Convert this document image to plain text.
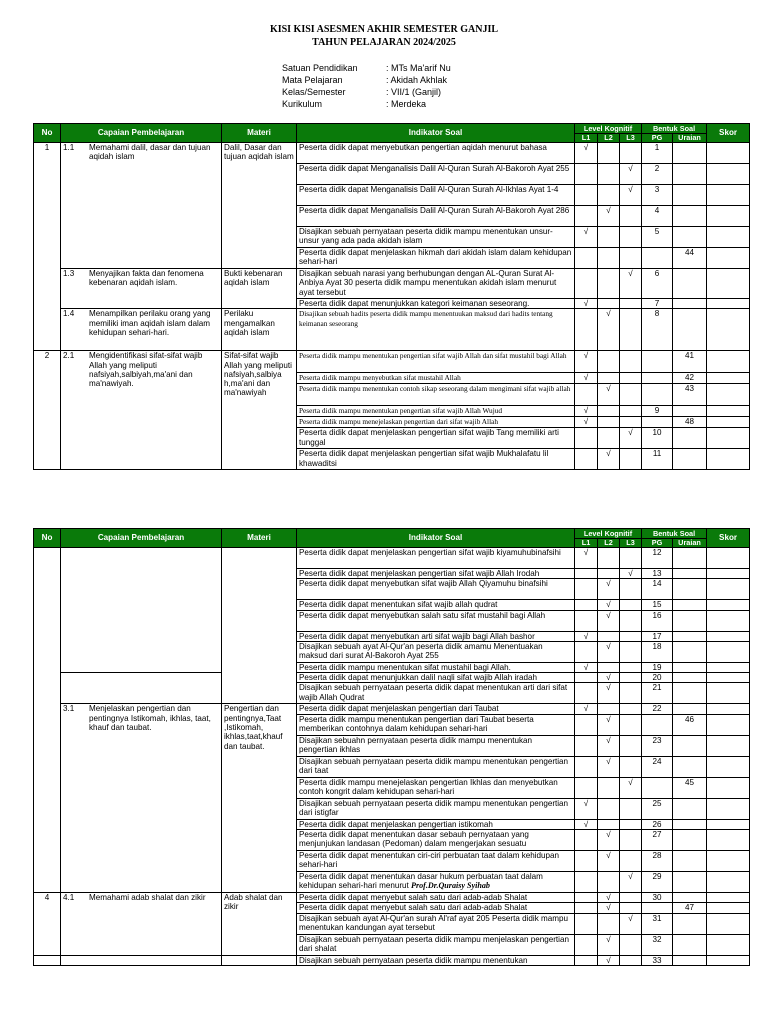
KISI KISI ASESMEN AKHIR SEMESTER GANJIL
TAHUN PELAJARAN 2024/2025
Satuan Pendidikan	: MTs Ma'arif Nu
Mata Pelajaran	: Akidah Akhlak
Kelas/Semester	: VII/1 (Ganjil)
Kurikulum	: Merdeka
No	Capaian Pembelajaran	Materi	Indikator Soal	Level Kognitif			Bentuk Soal		Skor
				L1	L2	L3	PG	Uraian	
1	1.1 Memahami dalil, dasar dan tujuan aqidah islam	Dalil, Dasar dan tujuan aqidah islam	Peserta didik dapat menyebutkan pengertian aqidah menurut bahasa	√			1		
			Peserta didik dapat Menganalisis Dalil Al-Quran Surah Al-Bakoroh Ayat 255			√	2		
			Peserta didik dapat Menganalisis Dalil Al-Quran Surah Al-Ikhlas Ayat 1-4			√	3		
			Peserta didik dapat Menganalisis Dalil Al-Quran Surah Al-Bakoroh Ayat 286		√		4		
			Disajikan sebuah pernyataan peserta didik mampu menentukan unsur-unsur yang ada pada akidah islam	√			5		
			Peserta didik dapat menjelaskan hikmah dari akidah islam dalam kehidupan sehari-hari					44	

	1.3 Menyajikan fakta dan fenomena kebenaran aqidah islam.	Bukti kebenaran aqidah islam	Disajikan sebuah narasi yang berhubungan dengan AL-Quran Surat Al-Anbiya Ayat 30 peserta didik mampu menentukan akidah islam menurut ayat tersebut			√	6		
			Peserta didik dapat menunjukkan kategori keimanan seseorang.	√			7		

	1.4 Menampilkan perilaku orang yang memiliki iman aqidah islam dalam kehidupan sehari-hari.	Perilaku mengamalkan aqidah islam	Disajikan sebuah hadits peserta didik mampu menentuukan maksud dari hadits tentang keimanan seseorang		√		8		
2	2.1 Mengidentifikasi sifat-sifat wajib Allah yang meliputi nafsiyah,salbiyah,ma'ani dan ma'nawiyah.	Sifat-sifat wajib Allah yang meliputi nafsiyah,salbiya h,ma'ani dan ma'nawiyah	Peserta didik mampu menentukan pengertian sifat wajib Allah dan sifat mustahil bagi Allah	√				41	
			Peserta didik mampu menyebutkan sifat mustahil Allah	√				42	
			Peserta didik mampu menentukan contoh sikap seseorang dalam mengimani sifat wajib allah		√			43	
			Peserta didik mampu menentukan pengertian sifat wajib Allah Wujud	√			9		
			Peserta didik mampu menejelaskan pengertian dari sifat wajib Allah	√				48	
			Peserta didik dapat menjelaskan pengertian sifat wajib Tang memiliki arti tunggal			√	10		
			Peserta didik dapat menjelaskan pengertian sifat wajib Mukhalafatu lil khawaditsi		√		11		
No	Capaian Pembelajaran	Materi	Indikator Soal	Level Kognitif			Bentuk Soal		Skor
				L1	L2	L3	PG	Uraian	
			Peserta didik dapat menjelaskan pengertian sifat wajib kiyamuhubinafsihi	√			12		
			Peserta didik dapat menjelaskan pengertian sifat wajib Allah Irodah			√	13		
			Peserta didik dapat menyebutkan sifat wajib Allah Qiyamuhu binafsihi		√		14		
			Peserta didik dapat menentukan sifat wajib allah qudrat		√		15		
			Peserta didik dapat menyebutkan salah satu sifat mustahil bagi Allah		√		16		
			Peserta didik dapat menyebutkan arti sifat wajib bagi Allah bashor	√			17		
			Disajikan sebuah ayat Al-Qur'an peserta didik amamu Menentuakan maksud dari surat Al-Bakoroh Ayat 255		√		18		
			Peserta didik mampu menentukan sifat mustahil bagi Allah.	√			19		
			Peserta didik dapat menunjukkan dalil naqli sifat wajib Allah iradah		√		20		
			Disajikan sebuah pernyataan peserta didik dapat menentukan arti dari sifat wajib Allah Qudrat		√		21		

	3.1 Menjelaskan pengertian dan pentingnya Istikomah, ikhlas, taat, khauf dan taubat.	Pengertian dan pentingnya,Taat ,Istikomah, ikhlas,taat,khauf dan taubat.	Peserta didik dapat menjelaskan pengertian dari Taubat	√			22		
			Peserta didik mampu menentukan pengertian dari Taubat beserta memberikan contohnya dalam kehidupan sehari-hari		√			46	
			Disajikan sebuahn pernyataan peserta didik mampu menentukan pengertian ikhlas		√		23		
			Disajikan sebuah pernyataan peserta didik mampu menentukan pengertian dari taat		√		24		
			Peserta didik mampu menejelaskan pengertian Ikhlas dan menyebutkan contoh kongrit dalam kehidupan sehari-hari			√		45	
			Disajikan sebuah pernyataan peserta didik mampu menentukan pengertian dari istigfar	√			25		
			Peserta didik dapat menjelaskan pengertian istikomah	√			26		
			Peserta didik dapat menentukan dasar sebauh pernyataan yang menjunjukan landasan (Pedoman) dalam mengerjakan sesuatu		√		27		
			Peserta didik dapat menentukan ciri-ciri perbuatan taat dalam kehidupan sehari-hari		√		28		
			Peserta didik dapat menentukan dasar hukum perbuatan taat dalam kehidupan sehari-hari menurut Prof.Dr.Quraisy Syihab			√	29		
4	4.1 Memahami adab shalat dan zikir	Adab shalat dan zikir	Peserta didik dapat menyebut salah satu dari adab-adab Shalat		√		30		
			Peserta didik dapat menyebut salah satu dari adab-adab Shalat		√			47	
			Disajikan sebuah ayat Al-Qur'an surah Al'raf ayat 205 Peserta didik mampu menentukan kandungan ayat tersebut			√	31		
			Disajikan sebuah pernyataan peserta didik mampu menjelaskan pengertian dari shalat		√		32		
			Disajikan sebuah pernyataan peserta didik mampu menentukan		√		33		
